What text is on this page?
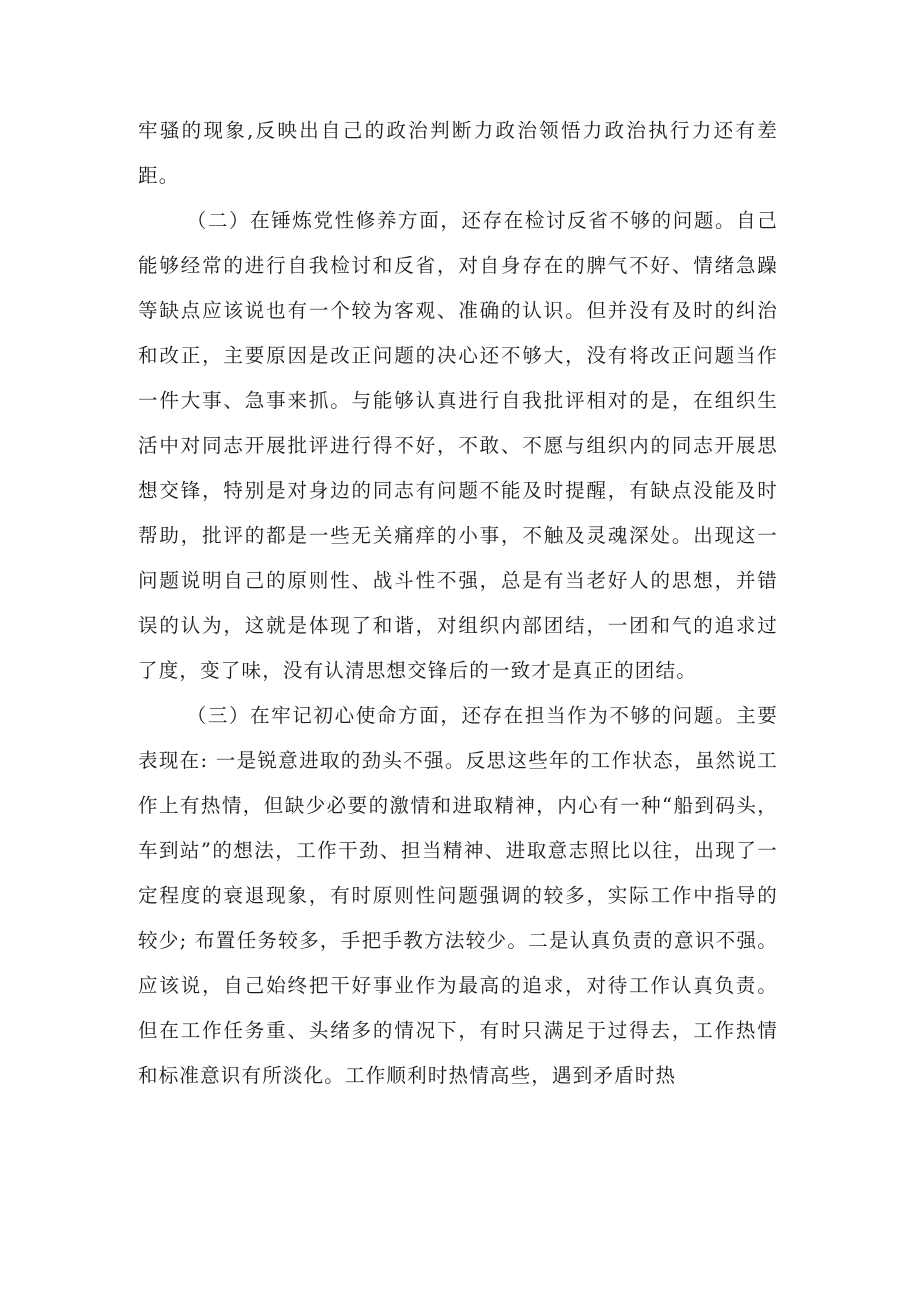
牢骚的现象,反映出自己的政治判断力政治领悟力政治执行力还有差距。

（二）在锤炼党性修养方面，还存在检讨反省不够的问题。自己能够经常的进行自我检讨和反省，对自身存在的脾气不好、情绪急躁等缺点应该说也有一个较为客观、准确的认识。但并没有及时的纠治和改正，主要原因是改正问题的决心还不够大，没有将改正问题当作一件大事、急事来抓。与能够认真进行自我批评相对的是，在组织生活中对同志开展批评进行得不好，不敢、不愿与组织内的同志开展思想交锋，特别是对身边的同志有问题不能及时提醒，有缺点没能及时帮助，批评的都是一些无关痛痒的小事，不触及灵魂深处。出现这一问题说明自己的原则性、战斗性不强，总是有当老好人的思想，并错误的认为，这就是体现了和谐，对组织内部团结，一团和气的追求过了度，变了味，没有认清思想交锋后的一致才是真正的团结。

（三）在牢记初心使命方面，还存在担当作为不够的问题。主要表现在: 一是锐意进取的劲头不强。反思这些年的工作状态，虽然说工作上有热情，但缺少必要的激情和进取精神，内心有一种“船到码头，车到站”的想法，工作干劲、担当精神、进取意志照比以往，出现了一定程度的衰退现象，有时原则性问题强调的较多，实际工作中指导的较少; 布置任务较多，手把手教方法较少。二是认真负责的意识不强。应该说，自己始终把干好事业作为最高的追求，对待工作认真负责。但在工作任务重、头绪多的情况下，有时只满足于过得去，工作热情和标准意识有所淡化。工作顺利时热情高些，遇到矛盾时热
